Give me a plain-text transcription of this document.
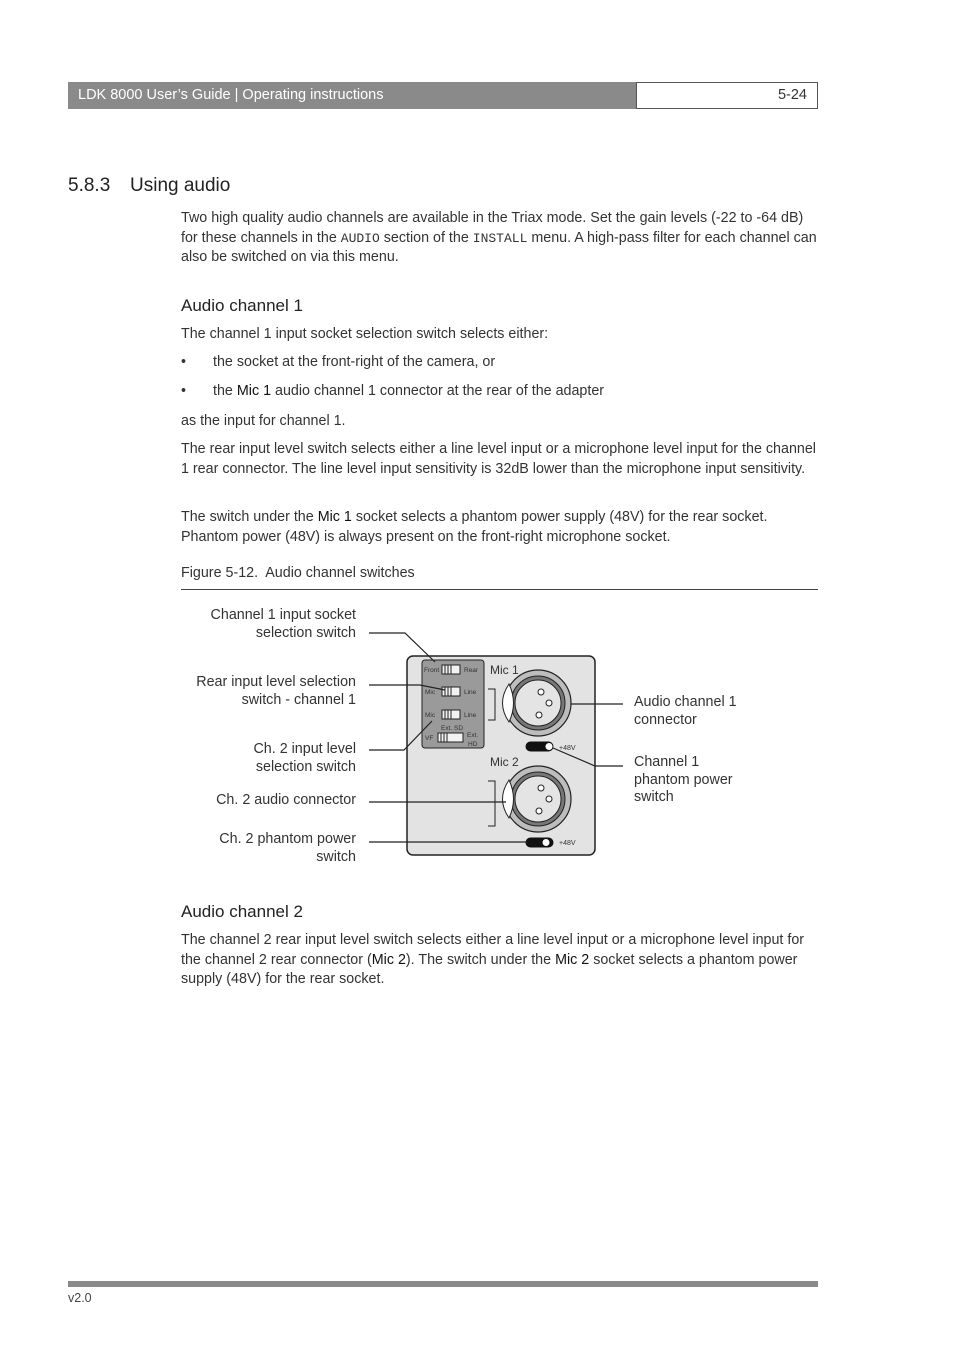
LDK 8000 User’s Guide | Operating instructions	5-24
5.8.3 Using audio

Two high quality audio channels are available in the Triax mode. Set the gain levels (-22 to -64 dB) for these channels in the AUDIO section of the INSTALL menu. A high-pass filter for each channel can also be switched on via this menu.

Audio channel 1

The channel 1 input socket selection switch selects either:

• the socket at the front-right of the camera, or
• the Mic 1 audio channel 1 connector at the rear of the adapter

as the input for channel 1.

The rear input level switch selects either a line level input or a microphone level input for the channel 1 rear connector. The line level input sensitivity is 32dB lower than the microphone input sensitivity.

The switch under the Mic 1 socket selects a phantom power supply (48V) for the rear socket. Phantom power (48V) is always present on the front-right microphone socket.

Figure 5-12. Audio channel switches
Channel 1 input socket
selection switch
Rear input level selection
switch - channel 1
Ch. 2 input level
selection switch
Ch. 2 audio connector
Ch. 2 phantom power
switch
Audio channel 1
connector
Channel 1
phantom power
switch
Front	Rear
Mic	Line
Mic	Line
Ext. SD
VF	Ext.
HD
Mic 1
+48V
Mic 2
+48V
Audio channel 2

The channel 2 rear input level switch selects either a line level input or a microphone level input for the channel 2 rear connector (Mic 2). The switch under the Mic 2 socket selects a phantom power supply (48V) for the rear socket.

v2.0
